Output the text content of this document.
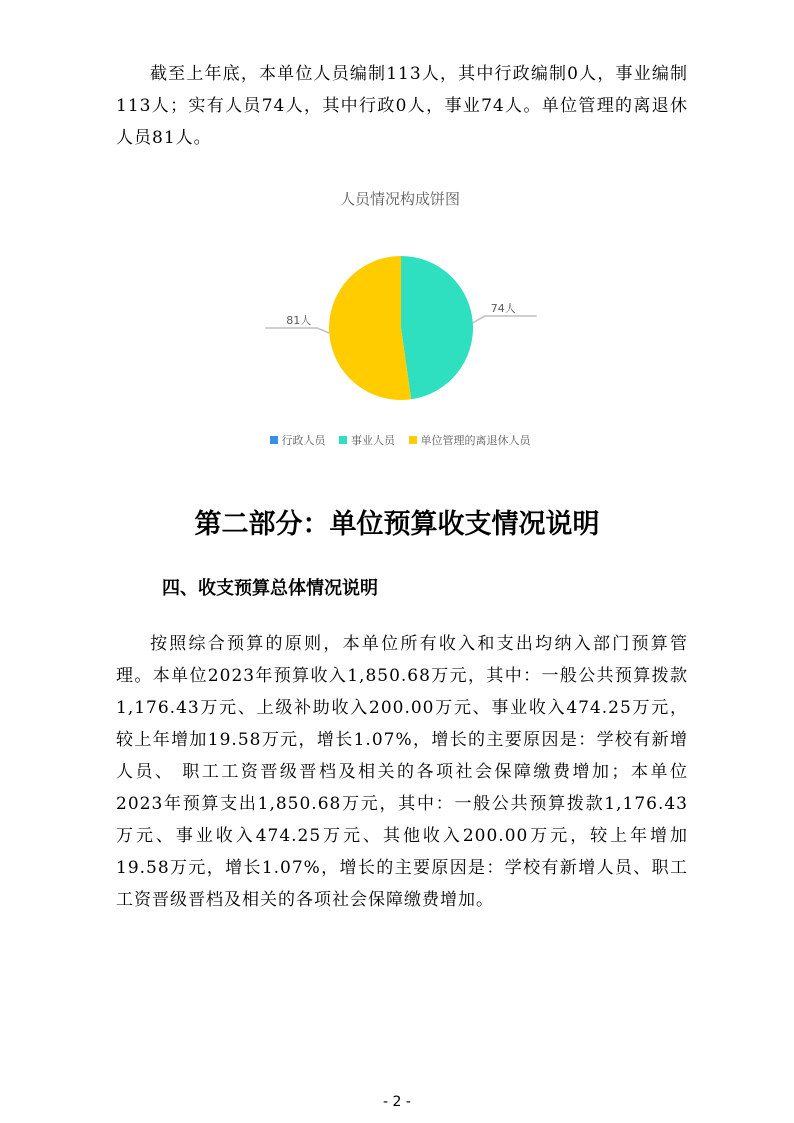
截至上年底，本单位人员编制113人，其中行政编制0人，事业编制113人；实有人员74人，其中行政0人，事业74人。单位管理的离退休人员81人。

人员情况构成饼图
74人
81人
行政人员 事业人员 单位管理的离退休人员
第二部分：单位预算收支情况说明
四、收支预算总体情况说明

按照综合预算的原则，本单位所有收入和支出均纳入部门预算管理。本单位2023年预算收入1,850.68万元，其中：一般公共预算拨款1,176.43万元、上级补助收入200.00万元、事业收入474.25万元，较上年增加19.58万元，增长1.07%，增长的主要原因是：学校有新增人员、 职工工资晋级晋档及相关的各项社会保障缴费增加；本单位2023年预算支出1,850.68万元，其中：一般公共预算拨款1,176.43万元、事业收入474.25万元、其他收入200.00万元，较上年增加19.58万元，增长1.07%，增长的主要原因是：学校有新增人员、职工工资晋级晋档及相关的各项社会保障缴费增加。

- 2 -
